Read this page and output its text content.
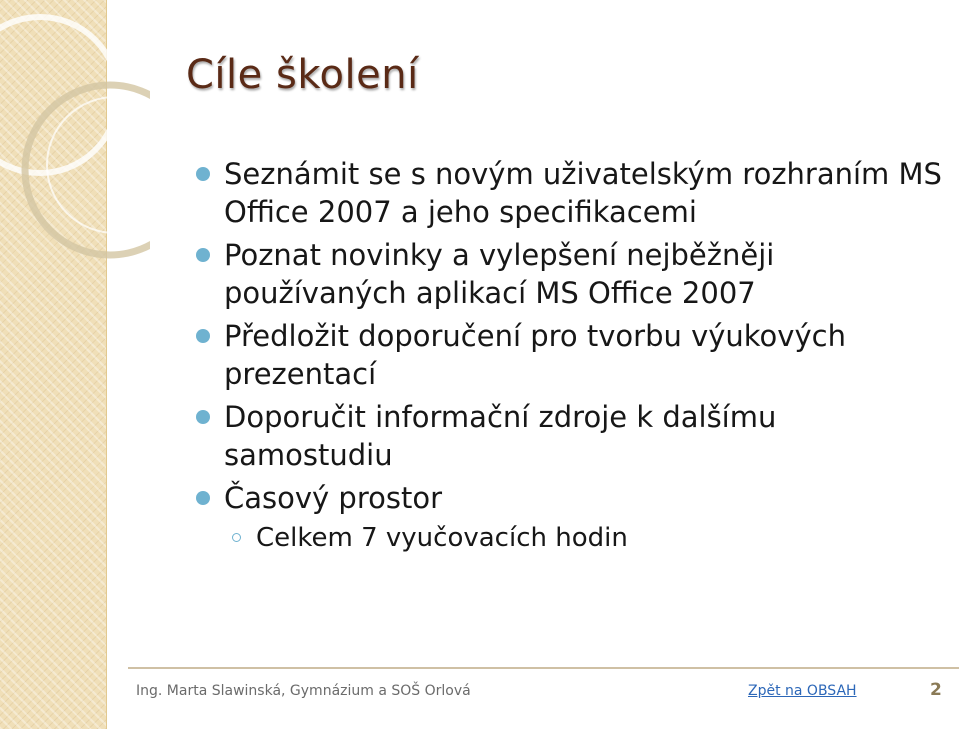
Cíle školení
Seznámit se s novým uživatelským rozhraním MS Office 2007 a jeho specifikacemi
Poznat novinky a vylepšení nejběžněji používaných aplikací MS Office 2007
Předložit doporučení pro tvorbu výukových prezentací
Doporučit informační zdroje k dalšímu samostudiu
Časový prostor
Celkem 7 vyučovacích hodin
Ing. Marta Slawinská, Gymnázium a SOŠ Orlová	Zpět na OBSAH	2
